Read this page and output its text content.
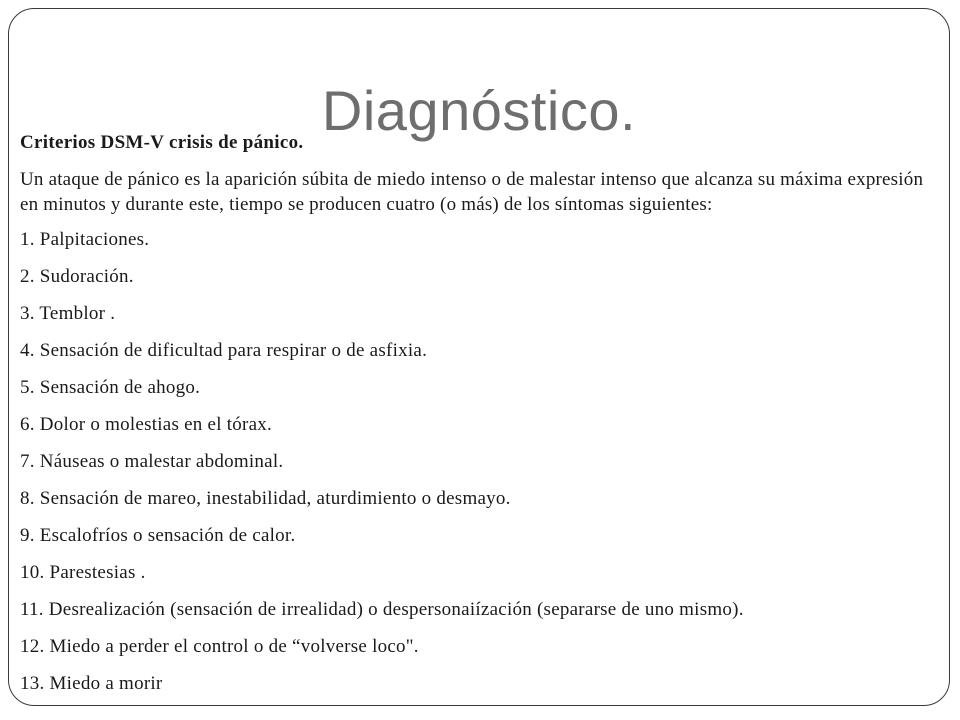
Diagnóstico.

Criterios DSM-V crisis de pánico.

Un ataque de pánico es la aparición súbita de miedo intenso o de malestar intenso que alcanza su máxima expresión en minutos y durante este, tiempo se producen cuatro (o más) de los síntomas siguientes:

1. Palpitaciones.
2. Sudoración.
3. Temblor .
4. Sensación de dificultad para respirar o de asfixia.
5. Sensación de ahogo.
6. Dolor o molestias en el tórax.
7. Náuseas o malestar abdominal.
8. Sensación de mareo, inestabilidad, aturdimiento o desmayo.
9. Escalofríos o sensación de calor.
10. Parestesias .
11. Desrealización (sensación de irrealidad) o despersonaiízación (separarse de uno mismo).
12. Miedo a perder el control o de “volverse loco".
13. Miedo a morir
